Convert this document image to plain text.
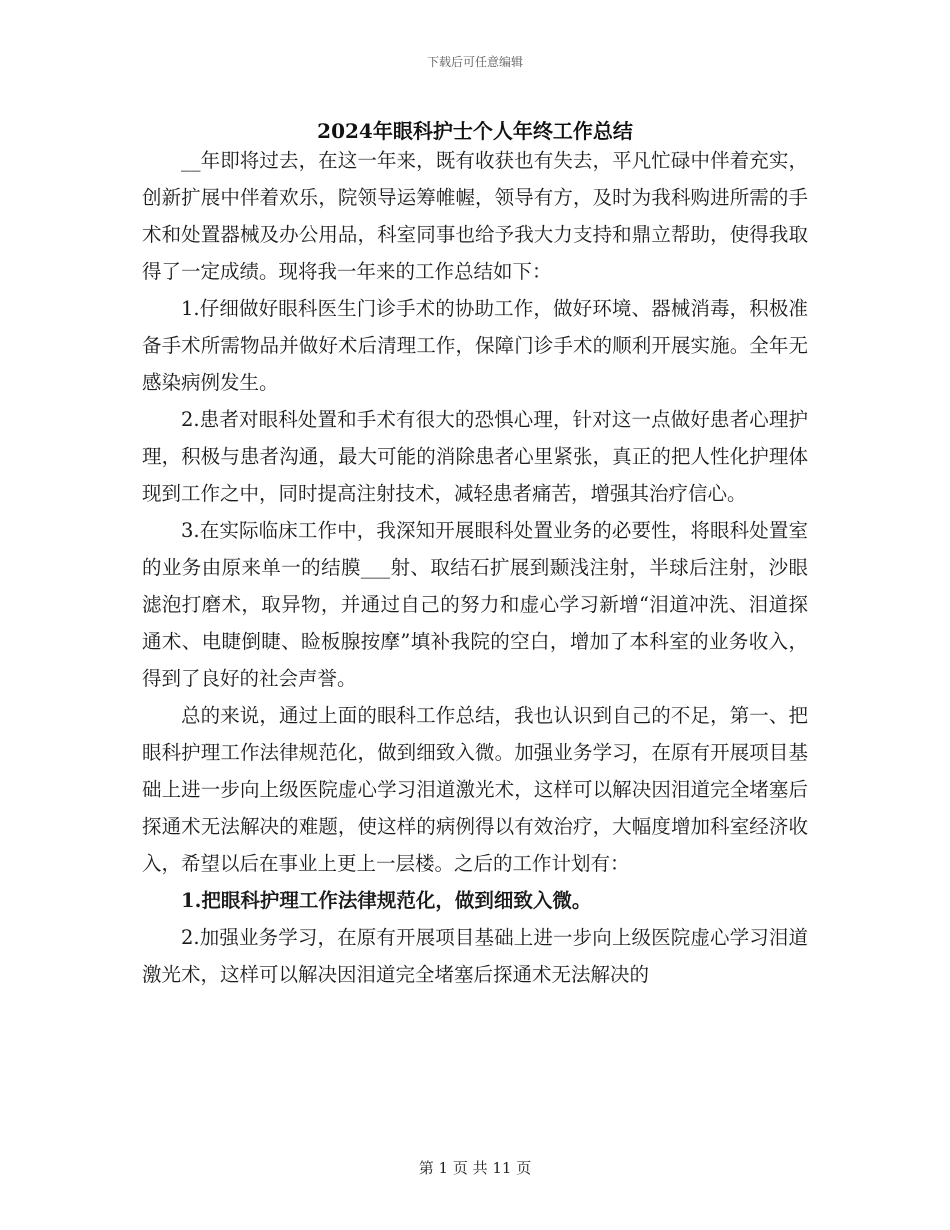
下载后可任意编辑
2024年眼科护士个人年终工作总结

__年即将过去，在这一年来，既有收获也有失去，平凡忙碌中伴着充实，创新扩展中伴着欢乐，院领导运筹帷幄，领导有方，及时为我科购进所需的手术和处置器械及办公用品，科室同事也给予我大力支持和鼎立帮助，使得我取得了一定成绩。现将我一年来的工作总结如下：

1.仔细做好眼科医生门诊手术的协助工作，做好环境、器械消毒，积极准备手术所需物品并做好术后清理工作，保障门诊手术的顺利开展实施。全年无感染病例发生。

2.患者对眼科处置和手术有很大的恐惧心理，针对这一点做好患者心理护理，积极与患者沟通，最大可能的消除患者心里紧张，真正的把人性化护理体现到工作之中，同时提高注射技术，减轻患者痛苦，增强其治疗信心。

3.在实际临床工作中，我深知开展眼科处置业务的必要性，将眼科处置室的业务由原来单一的结膜___射、取结石扩展到颞浅注射，半球后注射，沙眼滤泡打磨术，取异物，并通过自己的努力和虚心学习新增“泪道冲洗、泪道探通术、电睫倒睫、睑板腺按摩”填补我院的空白，增加了本科室的业务收入，得到了良好的社会声誉。

总的来说，通过上面的眼科工作总结，我也认识到自己的不足，第一、把眼科护理工作法律规范化，做到细致入微。加强业务学习，在原有开展项目基础上进一步向上级医院虚心学习泪道激光术，这样可以解决因泪道完全堵塞后探通术无法解决的难题，使这样的病例得以有效治疗，大幅度增加科室经济收入，希望以后在事业上更上一层楼。之后的工作计划有：

1.把眼科护理工作法律规范化，做到细致入微。

2.加强业务学习，在原有开展项目基础上进一步向上级医院虚心学习泪道激光术，这样可以解决因泪道完全堵塞后探通术无法解决的

第 1 页 共 11 页
